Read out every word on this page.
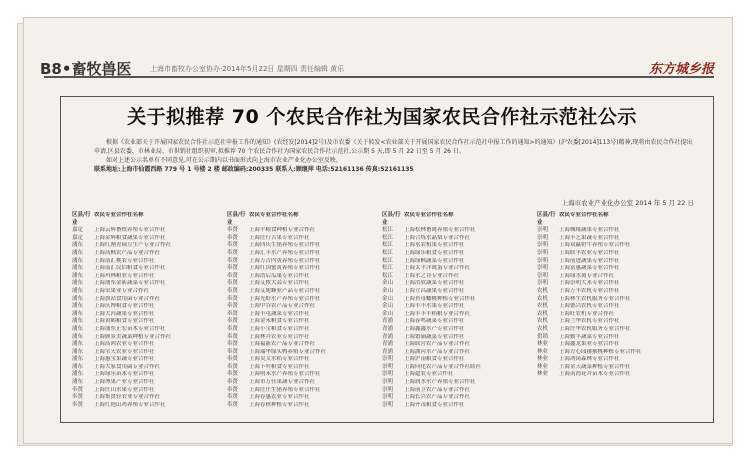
B8•畜牧兽医	上海市畜牧办公室协办·2014年5月22日 星期四 责任编辑 黄乐	东方城乡报
关于拟推荐 70 个农民合作社为国家农民合作社示范社公示

根据《农业部关于开展国家农民合作社示范社申报工作的通知》(农经发[2014]2号)及市农委《关于转发<农业部关于开展国家农民合作社示范社申报工作的通知>的通知》(沪农委[2014]113号)精神,现将由农民合作社提出申请,区县农委、市林业局、市供销社组织初审,拟推荐 70 个农民合作社为国家农民合作社示范社,公示期 5 天,即 5 月 22 日至 5 月 26 日。

如对上述公示名单有不同意见,可在公示期内以书面形式向上海市农业产业化办公室反映。

联系地址:上海市仙霞西路 779 号 1 号楼 2 楼 邮政编码:200335 联系人:顾继萍 电话:52161136 传真:52161135

上海市农业产业化办公室 2014 年 5 月 22 日
区县/行业
农民专业合作社名称
嘉定	上海云辉畜牧养殖专业合作社
嘉定	上海金辉粮食蔬果专业合作社
浦东	上海红刚青扁豆生产专业合作社
浦东	上海高枫农产品专业合作社
浦东	上海南汇桃农专业合作社
浦东	上海南汇民信粮食专业合作社
浦东	上海玛林粮业专业合作社
浦东	上海浦东金新蔬菜专业合作社
浦东	上海荣果业专业合作社
浦东	上海旗站食用菌专业合作社
浦东	上海庆博粮食专业合作社
浦东	上海大河蔬果专业合作社
浦东	上海黄鹤粮食专业合作社
浦东	上海浦东正宏苗木专业合作社
浦东	上海顾景美蔬菜种植专业合作社
浦东	上海高鸿农业专业合作社
浦东	上海宝天农业专业合作社
浦东	上海惠宝果蔬专业合作社
浦东	上海大家食用菌专业合作社
浦东	上海绿乐苗木专业合作社
浦东	上海博果产业专业合作社
奉贤	上海庄山水果专业合作社
奉贤	上海集贤轻农业专业合作社
奉贤	上海红艳山鸡养殖专业合作社
区县/行业
农民专业合作社名称
奉贤	上海平粮食种植专业合作社
奉贤	上海庄行吉果专业合作社
奉贤	上海四庆生猪养殖专业合作社
奉贤	上海汇丰水产养殖专业合作社
奉贤	上海万吉内黄养殖专业合作社
奉贤	上海红国蜜黄养殖专业合作社
奉贤	上海浩后瓜果专业合作社
奉贤	上海艾侬大蒜专业合作社
奉贤	上海艾妮蜂业产品专业合作社
奉贤	上海光虾水产养殖专业合作社
奉贤	上海中谷农产品专业合作社
奉贤	上海丰屯蔬菜专业合作社
奉贤	上海金禾粮食专业合作社
奉贤	上海小宝粮食专业合作社
奉贤	上海林卉农业专业合作社
奉贤	上海福新农产品专业合作社
奉贤	上海瑞华绿头鸭养殖专业合作社
奉贤	上海吴文水稻专业合作社
奉贤	上海下叶粮食专业合作社
奉贤	上海明禾水产养殖专业合作社
奉贤	上海市万佳果蔬专业合作社
奉贤	上海庄庄生猪养殖专业合作社
奉贤	上海春惠农业专业合作社
奉贤	上海春秋种植专业合作社
区县/行业
农民专业合作社名称
松江	上海松林畜禽养殖专业合作社
松江	上海合炼水晶梨专业合作社
松江	上海水农植果专业合作社
松江	上海绿乐粮食专业合作社
松江	上海绿枫蔬菜专业合作社
松江	上海太平洋禽蛋专业合作社
松江	上海水之谷专业合作社
金山	上海浩欣蔬菜专业合作社
金山	上海立昌蔬果专业合作社
金山	上海鱼母蟠桃种植专业合作社
金山	上海丰丰水果专业合作社
金山	上海丰丰丰稻粮专业合作社
青浦	上海春鸣蔬菜专业合作社
青浦	上海鑫鑫水产专业合作社
青浦	上海繁硕蔬菜专业合作社
青浦	上海联营农产品专业合作社
青浦	上海湖河水产品专业合作社
崇明	上海沪南粮食专业合作社
崇明	上海向化农产品专业合作社联社
崇明	上海超农专业合作社
崇明	上海润水水产养殖专业合作社
崇明	上海前卫农产品专业合作社
崇明	上海长兴农产品专业合作社
崇明	上海齐茂粮食专业合作社
区县/行业
农民专业合作社名称
崇明	上海城壕蔬果专业合作社
崇明	上海丰艺果蔬专业合作社
崇明	上海双赢奶牛养殖专业合作社
崇明	上海联丰农业专业合作社
崇明	上海前进蔬果专业合作社
崇明	上海富惠蔬菜专业合作社
崇明	上海绿水禽专业合作社
崇明	上海崇明大米专业合作社
农机	上海万丰农机专业合作社
农机	上海林生农机服务专业合作社
农机	上海德兴农机专业合作社
农机	上海旺农机专业合作社
农机	上海兰华农机专业合作社
农机	上海庄华农机服务专业合作社
供销	上海勤丰蔬菜专业合作社
林业	上海鑫龙果业专业合作社
林业	上海方心园猕猴桃种植专业合作社
林业	上海鸿岗森林专业合作社
林业	上海金天蔬菜种植专业合作社
林业	上海南湾花卉苗木专业合作社
